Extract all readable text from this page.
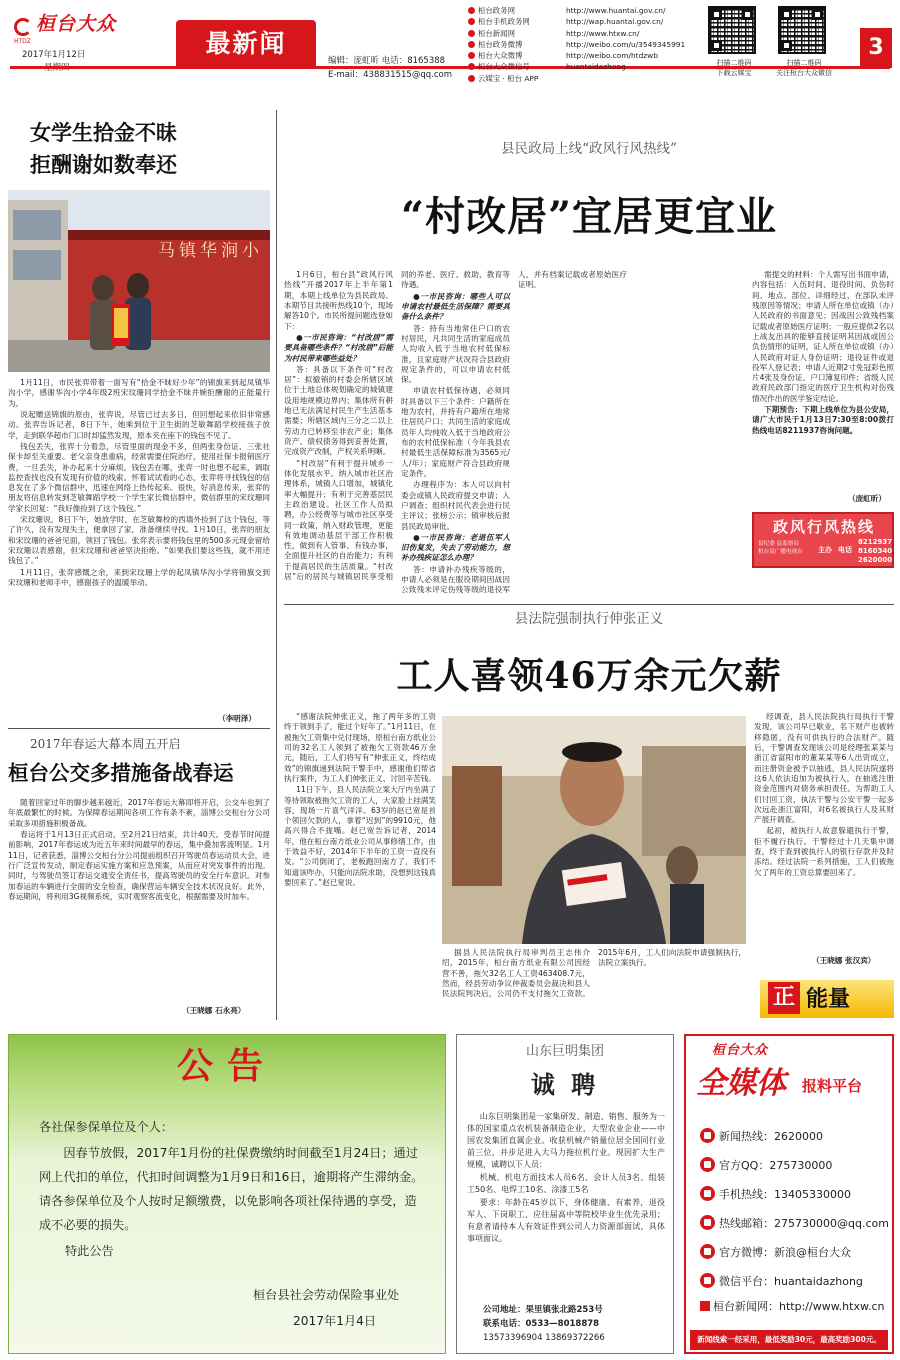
桓台大众
HTDZ
2017年1月12日	最新闻
编辑：庞虹昕 电话：8165388
E-mail：438831515@qq.com
桓台政务网	http://www.huantai.gov.cn/
桓台手机政务网	http://wap.huantai.gov.cn/
桓台新闻网	http://www.htxw.cn/
桓台政务微博	http://weibo.com/u/3549345991
桓台大众微博	http://weibo.com/htdzwb
桓台大众微信号	huantaidazhong
云媒宝 · 桓台 APP
扫描二维码
下载云媒宝
扫描二维码
关注桓台大众微信
3
女学生拾金不昧
拒酬谢如数奉还
马镇华涧小

1月11日，市民张弈带着一面写有“拾金不昧好少年”的锦旗来到起凤镇华沟小学，感谢华沟小学4年级2班宋玟珊同学拾金不昧并婉拒酬谢的正能量行为。

说起赠送锦旗的原由，张弈说，尽管已过去多日，但回想起来依旧非常感动。张弈告诉记者，8日下午，她乘到位于卫生街的芝敏舞蹈学校接孩子放学，走到联华超市门口时却猛然发现，原本夹在座下的钱包不见了。

钱包丢失，张弈十分着急，尽管里面的现金不多，但两张身份证、三张社保卡却至关重要。老父亲身患重病，经常需要住院治疗，使用社保卡报销医疗费，一旦丢失，补办起来十分麻烦。钱包丢在哪，张弈一时也想不起来，调取监控查找也没有发现有价值的线索。怀着试试看的心态，张弈将寻找钱包的信息发在了多个微信群中，迅速在网络上热传起来。很快，好消息传来，张弈的朋友将信息转发到芝敏舞蹈学校一个学生家长微信群中，微信群里的宋玟珊同学家长回复：“我好像捡到了这个钱包。”

宋玟珊说，8日下午，她放学时，在芝敏舞校的西墙外捡到了这个钱包，等了许久，没有发现失主，便拿回了家，准备继续寻找。1月10日，张弈的朋友和宋玟珊的爸爸见面，领回了钱包。张弈表示要将钱包里的500多元现金留给宋玟珊以表感谢，但宋玟珊和爸爸坚决拒绝。“如果我们要这些钱，就不用还钱包了。”

1月11日，张弈感慨之余，来到宋玟珊上学的起凤镇华沟小学将锦旗交到宋玟珊和老师手中，感谢孩子的温暖举动。

（李明泽）
2017年春运大幕本周五开启
桓台公交多措施备战春运

随着回家过年的脚步越来越近，2017年春运大幕即将开启，公交车也到了年底最繁忙的时候。为保障春运期间各项工作有条不紊，淄博公交桓台分公司采取多项措施积极备战。

春运将于1月13日正式启动，至2月21日结束，共计40天。受春节时间提前影响，2017年春运成为近五年来时间最早的春运，集中叠加客流明显。1月11日，记者获悉，淄博公交桓台分公司提前组织召开驾驶员春运动员大会，进行广泛宣传发动，制定春运实施方案和应急预案，从而应对突发事件的出现。同时，与驾驶员签订春运交通安全责任书，提高驾驶员的安全行车意识。对参加春运的车辆进行全面的安全检查，确保营运车辆安全技术状况良好。此外，春运期间，将利用3G视频系统，实时观察客流变化，根据需要及时加车。

（王晓娜 石永亮）
县民政局上线“政风行风热线”
“村改居”宜居更宜业

1月6日，桓台县“政风行风热线”开播2017年上半年第1期，本期上线单位为县民政局。本期节目共接听热线10个，现场解答10个。市民所提问题选登如下：

●一市民咨询：“村改居”需要具备哪些条件？“村改居”后能为村民带来哪些益处？

答：具备以下条件可“村改居”：拟撤销的村委会所辖区域位于土地总体规划确定的城镇建设用地规模边界内；集体所有耕地已无法满足村民生产生活基本需要；所辖区域内三分之二以上劳动力已转移至非农产业；集体资产、债权债务得到妥善处置，完成资产改制，产权关系明晰。

“村改居”有利于提升城乡一体化发展水平。纳入城市社区治理体系，城镇人口增加，城镇化率大幅提升；有利于完善基层民主政治建设。社区工作人员拟聘，办公经费等与城市社区享受同一政策，纳入财政管理，更能有效地调动基层干部工作积极性，做到有人管事、有钱办事，全面提升社区的自治能力；有利于提高居民的生活质量。“村改居”后的居民与城镇居民享受相同的养老、医疗、救助、教育等待遇。

●一市民咨询：哪些人可以申请农村最低生活保障？需要具备什么条件？

答：持有当地常住户口的农村居民，凡共同生活的家庭成员人均收入低于当地农村低保标准，且家庭财产状况符合县政府规定条件的，可以申请农村低保。

申请农村低保待遇，必须同时具备以下三个条件：户籍所在地为农村，并持有户籍所在地常住居民户口；共同生活的家庭成员年人均纯收入低于当地政府公布的农村低保标准（今年我县农村最低生活保障标准为3565元/人/年）；家庭财产符合县政府规定条件。

办理程序为：本人可以向村委会或镇人民政府提交申请；入户调查；组织村民代表会进行民主评议；张榜公示；镇审核后报县民政局审批。

●一市民咨询：老退伍军人旧伤复发，失去了劳动能力，想补办残疾证怎么办理？

答：申请补办残疾等级的，申请人必须是在服役期间因战因公致残未评定伤残等级的退役军人，并有档案记载或者原始医疗证明。

需提交的材料：个人需写出书面申请，内容包括：入伍时间、退役时间、负伤时间、地点、部位、详细经过、在部队未评残原因等情况；申请人所在单位或镇（办）人民政府的书面意见；因战因公致残档案记载或者原始医疗证明；一般应提供2名以上战友出具的能够直接证明其因战或因公负伤情形的证明，证人所在单位或镇（办）人民政府对证人身份证明；退役证件或退役军人登记表；申请人近期2寸免冠彩色照片4张及身份证、户口簿复印件；省级人民政府民政部门指定的医疗卫生机构对伤残情况作出的医学鉴定结论。

下期预告：下期上线单位为县公安局，请广大市民于1月13日7:30至8:00拨打热线电话8211937咨询问题。

（庞虹昕）
政风行风热线
县纪委 县监察局
桓台县广播电视台 主办 电话
8212937
8160340
2620000
县法院强制执行伸张正义
工人喜领46万余元欠薪

“感谢法院伸张正义，拖了两年多的工资终于领到手了，能过个好年了。”1月11日，在被拖欠工资集中兑付现场，原桓台南方纸业公司的32名工人领到了被拖欠工资款46万余元，随后，工人们将写有“伸张正义，终结成效”的锦旗递到法院干警手中，感谢他们帮省执行案件，为工人们伸张正义、讨回辛苦钱。

11日下午，县人民法院立案大厅内坐满了等待领取被拖欠工资的工人，大家脸上挂满笑容，现场一片喜气洋洋。63岁的赵已宽是首个领回欠款的人，拿着“迟到”的9910元，他高兴得合不拢嘴。赵已宽告诉记者，2014年，他在桓台南方纸业公司从事修缮工作，由于效益不好，2014年下半年的工资一直没有发。“公司倒闭了，老板跑回南方了，我们不知道该咋办，只能向法院求助，没想到这钱真要回来了。”赵已宽说。

据县人民法院执行局审判员王志伟介绍，2015年，桓台南方纸业有限公司因经营不善，拖欠32名工人工资463408.7元，然而，经县劳动争议仲裁委员会裁决和县人民法院判决后，公司仍不支付拖欠工资款。2015年6月，工人们向法院申请强制执行，法院立案执行。

经调查，县人民法院执行局执行干警发现，该公司早已歇业，名下财产也被转移隐匿，没有可供执行的合法财产。随后，干警调查发现该公司是经理张某某与浙江省富阳市的董某某等6人出资成立，而注册资金被予以抽逃，县人民法院遂将这6人依法追加为被执行人，在抽逃注册资金范围内对债务承担责任。为帮助工人们讨回工资，执法干警与公安干警一起多次远赴浙江富阳，对6名被执行人及其财产展开调查。

起初，被执行人故意躲避执行干警，拒不履行执行。干警经过十几天集中调查，终于查到被执行人的银行存款并及时冻结。经过法院一系列措施，工人们被拖欠了两年的工资总算要回来了。

（王晓娜 张汉宾）
正 能量
公告
各社保参保单位及个人：
因春节放假，2017年1月份的社保费缴纳时间截至1月24日；通过网上代扣的单位，代扣时间调整为1月9日和16日，逾期将产生滞纳金。请各参保单位及个人按时足额缴费，以免影响各项社保待遇的享受，造成不必要的损失。
特此公告
桓台县社会劳动保险事业处
2017年1月4日
山东巨明集团
诚 聘

山东巨明集团是一家集研发、制造、销售、服务为一体的国家重点农机装备制造企业，大型农业企业——中国农发集团直属企业。收获机械产销量位居全国同行业前三位，并步足进入大马力拖拉机行业。现因扩大生产规模，诚聘以下人员：

机械、机电方面技术人员6名、会计人员3名、组装工50名、电焊工10名、涂漆工5名

要求：年龄在45岁以下，身体健康、有素养，退役军人、下岗职工、应往届高中等院校毕业生优先录用；有意者请持本人有效证件到公司人力资源部面试，具体事项面议。

公司地址：果里镇张北路253号
联系电话：0533—8018878
13573396904 13869372266
桓台大众
全媒体 报料平台
新闻热线：2620000
官方QQ：275730000
手机热线：13405330000
热线邮箱：275730000@qq.com
官方微博：新浪@桓台大众
微信平台：huantaidazhong
桓台新闻网：http://www.htxw.cn
新闻线索一经采用，最低奖励30元，最高奖励300元。
